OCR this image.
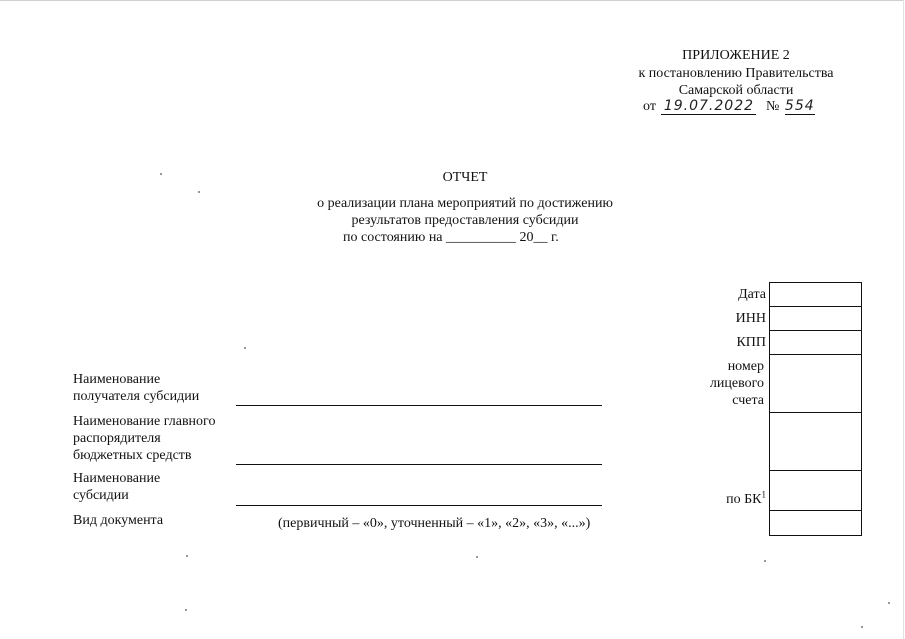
ПРИЛОЖЕНИЕ 2
к постановлению Правительства
Самарской области
от 19.07.2022 № 554
ОТЧЕТ
о реализации плана мероприятий по достижению
результатов предоставления субсидии
по состоянию на __________ 20__ г.
Дата
ИНН
КПП
номер
лицевого
счета
по $БК^1$
Наименование
получателя субсидии
Наименование главного
распорядителя
бюджетных средств
Наименование
субсидии
Вид документа	(первичный – «0», уточненный – «1», «2», «3», «...»)
